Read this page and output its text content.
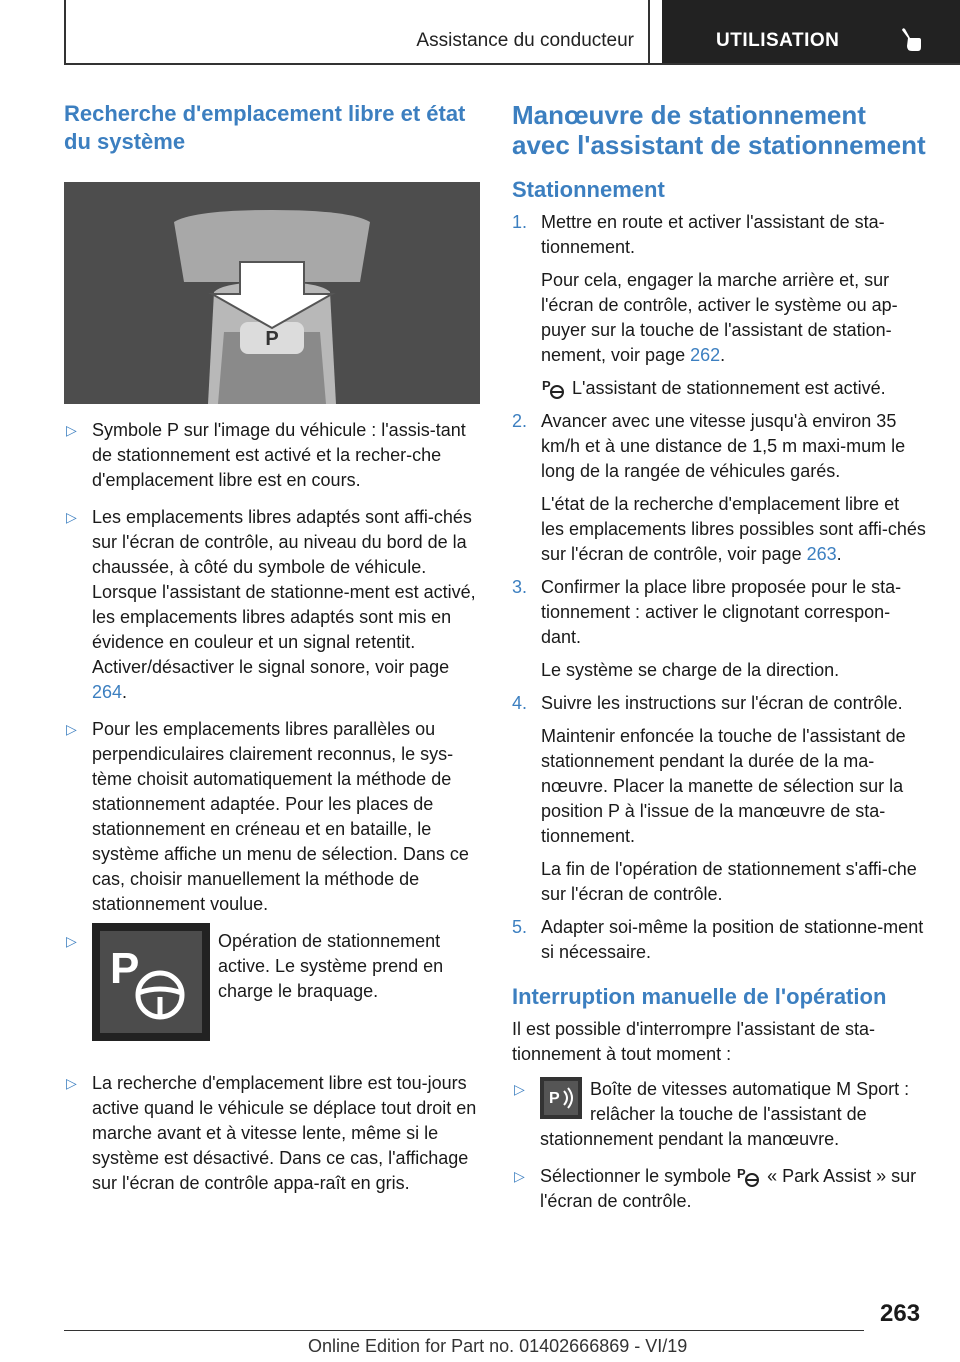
Assistance du conducteur	UTILISATION
Recherche d'emplacement libre et état du système
P
▷ Symbole P sur l'image du véhicule : l'assis-tant de stationnement est activé et la recher-che d'emplacement libre est en cours.
▷ Les emplacements libres adaptés sont affi-chés sur l'écran de contrôle, au niveau du bord de la chaussée, à côté du symbole de véhicule. Lorsque l'assistant de stationne-ment est activé, les emplacements libres adaptés sont mis en évidence en couleur et un signal retentit. Activer/désactiver le signal sonore, voir page 264.
▷ Pour les emplacements libres parallèles ou perpendiculaires clairement reconnus, le sys-tème choisit automatiquement la méthode de stationnement adaptée. Pour les places de stationnement en créneau et en bataille, le système affiche un menu de sélection. Dans ce cas, choisir manuellement la méthode de stationnement voulue.
▷
P
Opération de stationnement active. Le système prend en charge le braquage.
▷ La recherche d'emplacement libre est tou-jours active quand le véhicule se déplace tout droit en marche avant et à vitesse lente, même si le système est désactivé. Dans ce cas, l'affichage sur l'écran de contrôle appa-raît en gris.
Manœuvre de stationnement avec l'assistant de stationnement
Stationnement
1. Mettre en route et activer l'assistant de sta-tionnement.

Pour cela, engager la marche arrière et, sur l'écran de contrôle, activer le système ou ap-puyer sur la touche de l'assistant de station-nement, voir page 262.

P L'assistant de stationnement est activé.

2. Avancer avec une vitesse jusqu'à environ 35 km/h et à une distance de 1,5 m maxi-mum le long de la rangée de véhicules garés.

L'état de la recherche d'emplacement libre et les emplacements libres possibles sont affi-chés sur l'écran de contrôle, voir page 263.

3. Confirmer la place libre proposée pour le sta-tionnement : activer le clignotant correspon-dant.

Le système se charge de la direction.

4. Suivre les instructions sur l'écran de contrôle.

Maintenir enfoncée la touche de l'assistant de stationnement pendant la durée de la ma-nœuvre. Placer la manette de sélection sur la position P à l'issue de la manœuvre de sta-tionnement.

La fin de l'opération de stationnement s'affi-che sur l'écran de contrôle.

5. Adapter soi-même la position de stationne-ment si nécessaire.

Interruption manuelle de l'opération

Il est possible d'interrompre l'assistant de sta-tionnement à tout moment :

▷
P Boîte de vitesses automatique M Sport : relâcher la touche de l'assistant de stationnement pendant la manœuvre.
▷ Sélectionner le symbole P « Park Assist » sur l'écran de contrôle.
263
Online Edition for Part no. 01402666869 - VI/19
